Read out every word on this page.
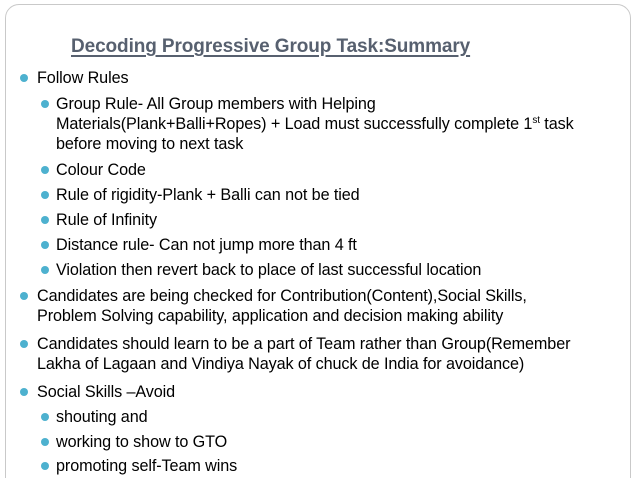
Decoding Progressive Group Task:Summary
Follow Rules
Group Rule- All Group members with Helping
Materials(Plank+Balli+Ropes) + Load must successfully complete 1st task
before moving to next task
Colour Code
Rule of rigidity-Plank + Balli can not be tied
Rule of Infinity
Distance rule- Can not jump more than 4 ft
Violation then revert back to place of last successful location
Candidates are being checked for Contribution(Content),Social Skills,
Problem Solving capability, application and decision making ability
Candidates should learn to be a part of Team rather than Group(Remember
Lakha of Lagaan and Vindiya Nayak of chuck de India for avoidance)
Social Skills –Avoid
shouting and
working to show to GTO
promoting self-Team wins
